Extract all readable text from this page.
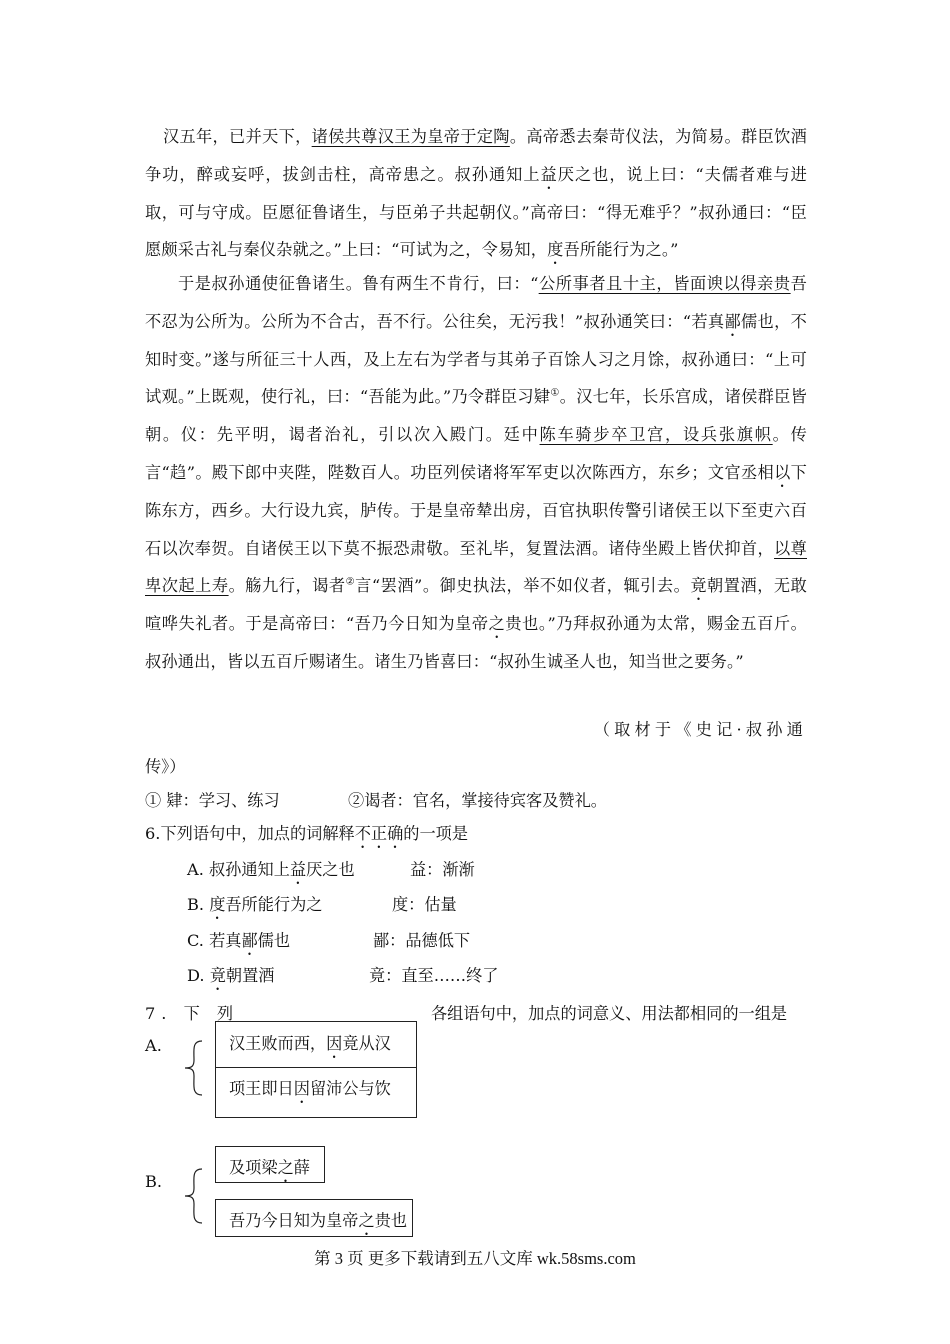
汉五年，已并天下，诸侯共尊汉王为皇帝于定陶。高帝悉去秦苛仪法，为简易。群臣饮酒争功，醉或妄呼，拔剑击柱，高帝患之。叔孙通知上益厌之也，说上曰：“夫儒者难与进取，可与守成。臣愿征鲁诸生，与臣弟子共起朝仪。”高帝曰：“得无难乎？”叔孙通曰：“臣愿颇采古礼与秦仪杂就之。”上曰：“可试为之，令易知，度吾所能行为之。”

于是叔孙通使征鲁诸生。鲁有两生不肯行，曰：“公所事者且十主，皆面谀以得亲贵吾不忍为公所为。公所为不合古，吾不行。公往矣，无污我！”叔孙通笑曰：“若真鄙儒也，不知时变。”遂与所征三十人西，及上左右为学者与其弟子百馀人习之月馀，叔孙通曰：“上可试观。”上既观，使行礼，曰：“吾能为此。”乃令群臣习肄①。汉七年，长乐宫成，诸侯群臣皆朝。仪：先平明，谒者治礼，引以次入殿门。廷中陈车骑步卒卫宫，设兵张旗帜。传言“趋”。殿下郎中夹陛，陛数百人。功臣列侯诸将军军吏以次陈西方，东乡；文官丞相以下陈东方，西乡。大行设九宾，胪传。于是皇帝辇出房，百官执职传警引诸侯王以下至吏六百石以次奉贺。自诸侯王以下莫不振恐肃敬。至礼毕，复置法酒。诸侍坐殿上皆伏抑首，以尊卑次起上寿。觞九行，谒者②言“罢酒”。御史执法，举不如仪者，辄引去。竟朝置酒，无敢喧哗失礼者。于是高帝曰：“吾乃今日知为皇帝之贵也。”乃拜叔孙通为太常，赐金五百斤。叔孙通出，皆以五百斤赐诸生。诸生乃皆喜曰：“叔孙生诚圣人也，知当世之要务。”

（取材于《史记·叔孙通
传》）
① 肄：学习、练习	②谒者：官名，掌接待宾客及赞礼。
6.下列语句中，加点的词解释不正确的一项是
A. 叔孙通知上益厌之也	益：渐渐
B. 度吾所能行为之	度：估量
C. 若真鄙儒也	鄙：品德低下
D. 竟朝置酒	竟：直至……终了
7. 下 列	各组语句中，加点的词意义、用法都相同的一组是
A.	汉王败而西，因竟从汉
项王即日因留沛公与饮
B.
及项梁之薛
吾乃今日知为皇帝之贵也
第 3 页 更多下载请到五八文库 wk.58sms.com
